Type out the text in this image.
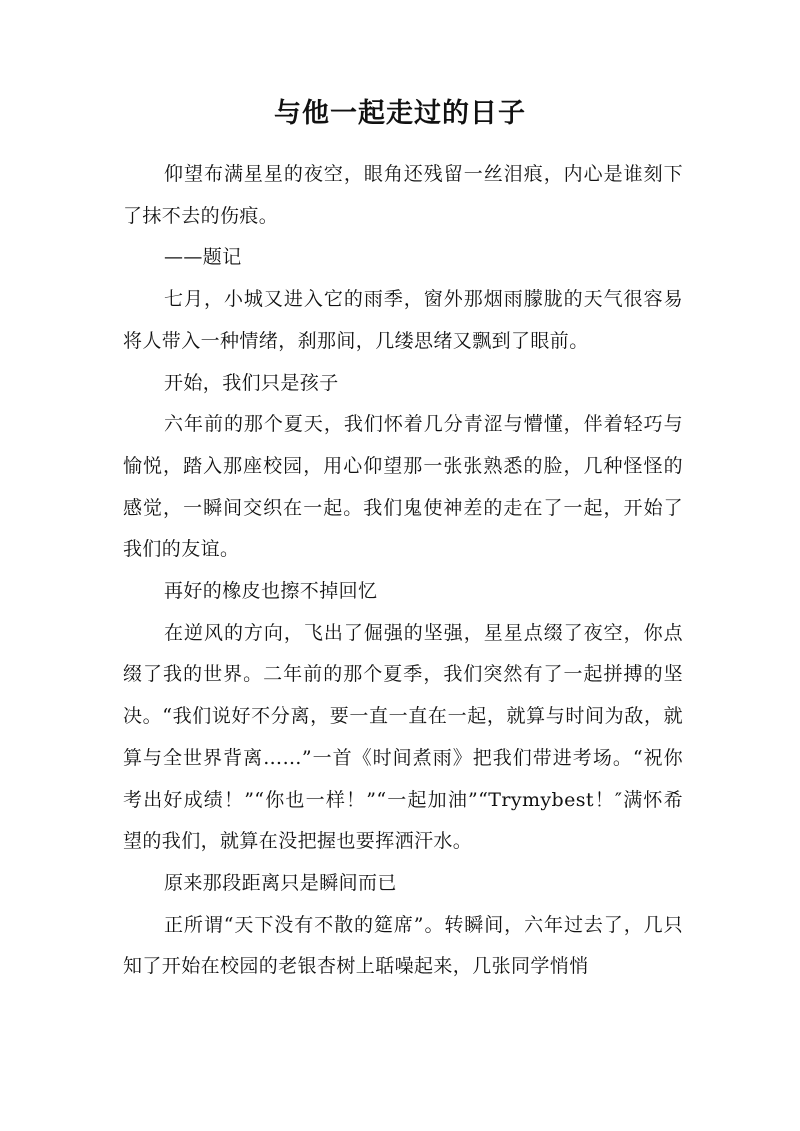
与他一起走过的日子

仰望布满星星的夜空，眼角还残留一丝泪痕，内心是谁刻下了抹不去的伤痕。

——题记

七月，小城又进入它的雨季，窗外那烟雨朦胧的天气很容易将人带入一种情绪，刹那间，几缕思绪又飘到了眼前。

开始，我们只是孩子

六年前的那个夏天，我们怀着几分青涩与懵懂，伴着轻巧与愉悦，踏入那座校园，用心仰望那一张张熟悉的脸，几种怪怪的感觉，一瞬间交织在一起。我们鬼使神差的走在了一起，开始了我们的友谊。

再好的橡皮也擦不掉回忆

在逆风的方向，飞出了倔强的坚强，星星点缀了夜空，你点缀了我的世界。二年前的那个夏季，我们突然有了一起拼搏的坚决。“我们说好不分离，要一直一直在一起，就算与时间为敌，就算与全世界背离……”一首《时间煮雨》把我们带进考场。“祝你考出好成绩！”“你也一样！”“一起加油”“Trymybest！″满怀希望的我们，就算在没把握也要挥洒汗水。

原来那段距离只是瞬间而已

正所谓“天下没有不散的筵席”。转瞬间，六年过去了，几只知了开始在校园的老银杏树上聒噪起来，几张同学悄悄
